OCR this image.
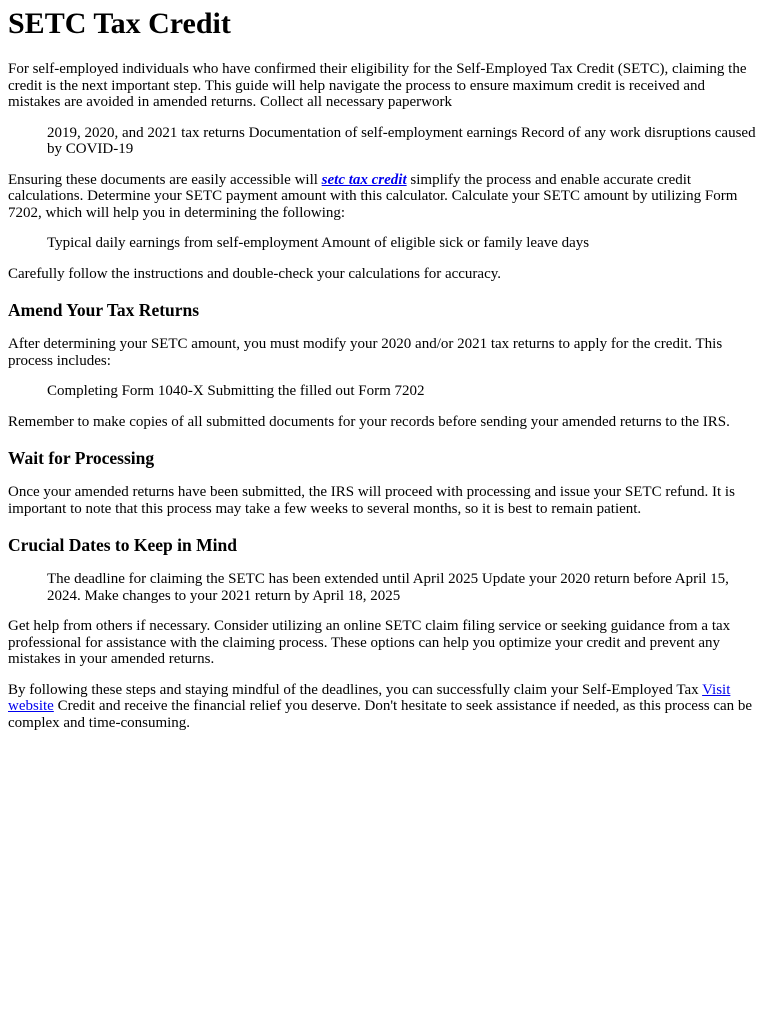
SETC Tax Credit

For self-employed individuals who have confirmed their eligibility for the Self-Employed Tax Credit (SETC), claiming the credit is the next important step. This guide will help navigate the process to ensure maximum credit is received and mistakes are avoided in amended returns. Collect all necessary paperwork

2019, 2020, and 2021 tax returns Documentation of self-employment earnings Record of any work disruptions caused by COVID-19

Ensuring these documents are easily accessible will setc tax credit simplify the process and enable accurate credit calculations. Determine your SETC payment amount with this calculator. Calculate your SETC amount by utilizing Form 7202, which will help you in determining the following:

Typical daily earnings from self-employment Amount of eligible sick or family leave days

Carefully follow the instructions and double-check your calculations for accuracy.

Amend Your Tax Returns

After determining your SETC amount, you must modify your 2020 and/or 2021 tax returns to apply for the credit. This process includes:

Completing Form 1040-X Submitting the filled out Form 7202

Remember to make copies of all submitted documents for your records before sending your amended returns to the IRS.

Wait for Processing

Once your amended returns have been submitted, the IRS will proceed with processing and issue your SETC refund. It is important to note that this process may take a few weeks to several months, so it is best to remain patient.

Crucial Dates to Keep in Mind
The deadline for claiming the SETC has been extended until April 2025 Update your 2020 return before April 15, 2024. Make changes to your 2021 return by April 18, 2025

Get help from others if necessary. Consider utilizing an online SETC claim filing service or seeking guidance from a tax professional for assistance with the claiming process. These options can help you optimize your credit and prevent any mistakes in your amended returns.

By following these steps and staying mindful of the deadlines, you can successfully claim your Self-Employed Tax Visit website Credit and receive the financial relief you deserve. Don't hesitate to seek assistance if needed, as this process can be complex and time-consuming.
